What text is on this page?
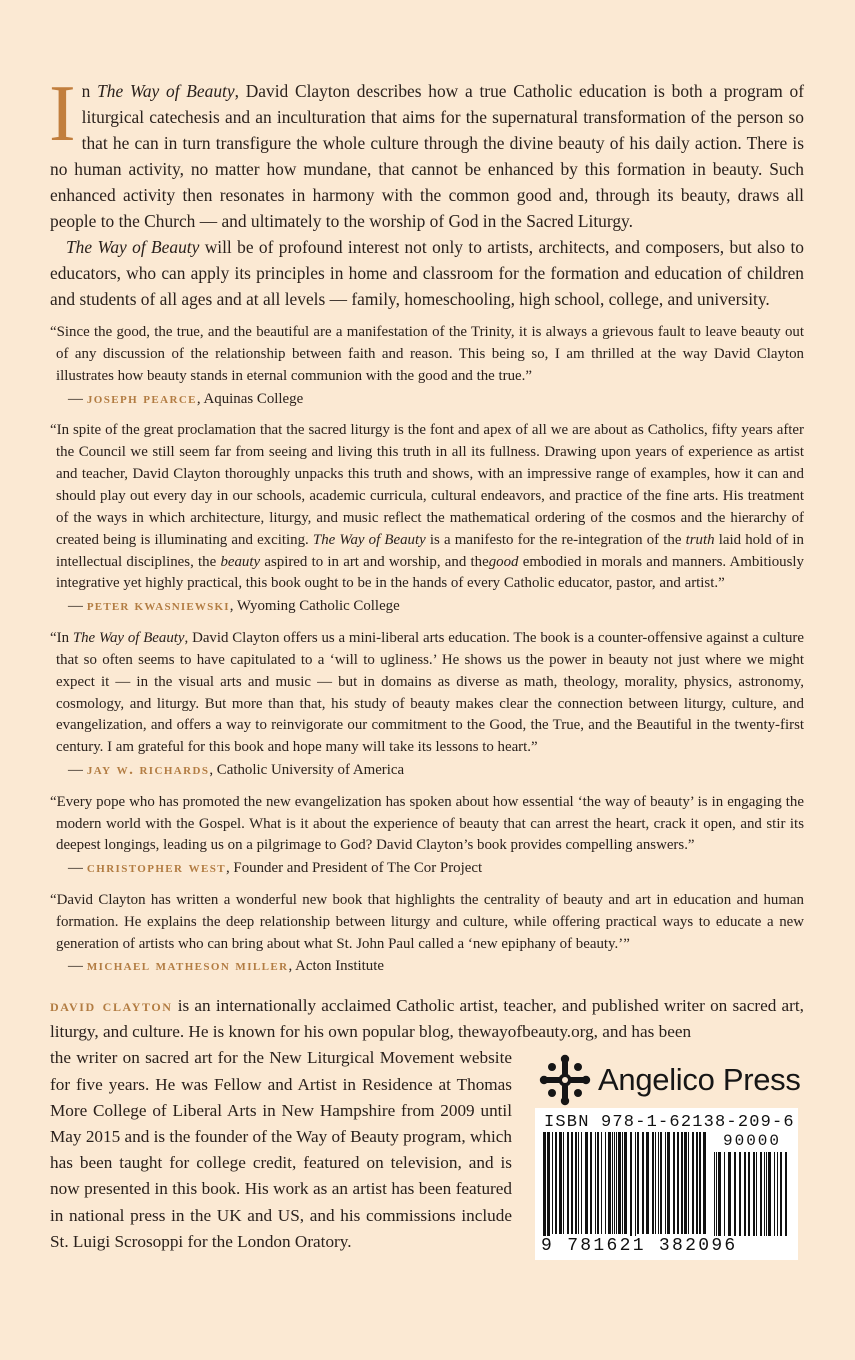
In The Way of Beauty, David Clayton describes how a true Catholic education is both a program of liturgical catechesis and an inculturation that aims for the supernatural transformation of the person so that he can in turn transfigure the whole culture through the divine beauty of his daily action. There is no human activity, no matter how mundane, that cannot be enhanced by this formation in beauty. Such enhanced activity then resonates in harmony with the common good and, through its beauty, draws all people to the Church — and ultimately to the worship of God in the Sacred Liturgy.

The Way of Beauty will be of profound interest not only to artists, architects, and composers, but also to educators, who can apply its principles in home and classroom for the formation and education of children and students of all ages and at all levels — family, homeschooling, high school, college, and university.

“Since the good, the true, and the beautiful are a manifestation of the Trinity, it is always a grievous fault to leave beauty out of any discussion of the relationship between faith and reason. This being so, I am thrilled at the way David Clayton illustrates how beauty stands in eternal communion with the good and the true.”

— joseph pearce, Aquinas College

“In spite of the great proclamation that the sacred liturgy is the font and apex of all we are about as Catholics, fifty years after the Council we still seem far from seeing and living this truth in all its fullness. Drawing upon years of experience as artist and teacher, David Clayton thoroughly unpacks this truth and shows, with an impressive range of examples, how it can and should play out every day in our schools, academic curricula, cultural endeavors, and practice of the fine arts. His treatment of the ways in which architecture, liturgy, and music reflect the mathematical ordering of the cosmos and the hierarchy of created being is illuminating and exciting. The Way of Beauty is a manifesto for the re-integration of the truth laid hold of in intellectual disciplines, the beauty aspired to in art and worship, and thegood embodied in morals and manners. Ambitiously integrative yet highly practical, this book ought to be in the hands of every Catholic educator, pastor, and artist.”

— peter kwasniewski, Wyoming Catholic College

“In The Way of Beauty, David Clayton offers us a mini-liberal arts education. The book is a counter-offensive against a culture that so often seems to have capitulated to a ‘will to ugliness.’ He shows us the power in beauty not just where we might expect it — in the visual arts and music — but in domains as diverse as math, theology, morality, physics, astronomy, cosmology, and liturgy. But more than that, his study of beauty makes clear the connection between liturgy, culture, and evangelization, and offers a way to reinvigorate our commitment to the Good, the True, and the Beautiful in the twenty-first century. I am grateful for this book and hope many will take its lessons to heart.”

— jay w. richards, Catholic University of America

“Every pope who has promoted the new evangelization has spoken about how essential ‘the way of beauty’ is in engaging the modern world with the Gospel. What is it about the experience of beauty that can arrest the heart, crack it open, and stir its deepest longings, leading us on a pilgrimage to God? David Clayton’s book provides compelling answers.”

— christopher west, Founder and President of The Cor Project

“David Clayton has written a wonderful new book that highlights the centrality of beauty and art in education and human formation. He explains the deep relationship between liturgy and culture, while offering practical ways to educate a new generation of artists who can bring about what St. John Paul called a ‘new epiphany of beauty.’”

— michael matheson miller, Acton Institute

david clayton is an internationally acclaimed Catholic artist, teacher, and published writer on sacred art, liturgy, and culture. He is known for his own popular blog, thewayofbeauty.org, and has been

the writer on sacred art for the New Liturgical Movement website for five years. He was Fellow and Artist in Residence at Thomas More College of Liberal Arts in New Hampshire from 2009 until May 2015 and is the founder of the Way of Beauty program, which has been taught for college credit, featured on television, and is now presented in this book. His work as an artist has been featured in national press in the UK and US, and his commissions include St. Luigi Scrosoppi for the London Oratory.

Angelico Press
ISBN 978-1-62138-209-6
90000
9 781621 382096
